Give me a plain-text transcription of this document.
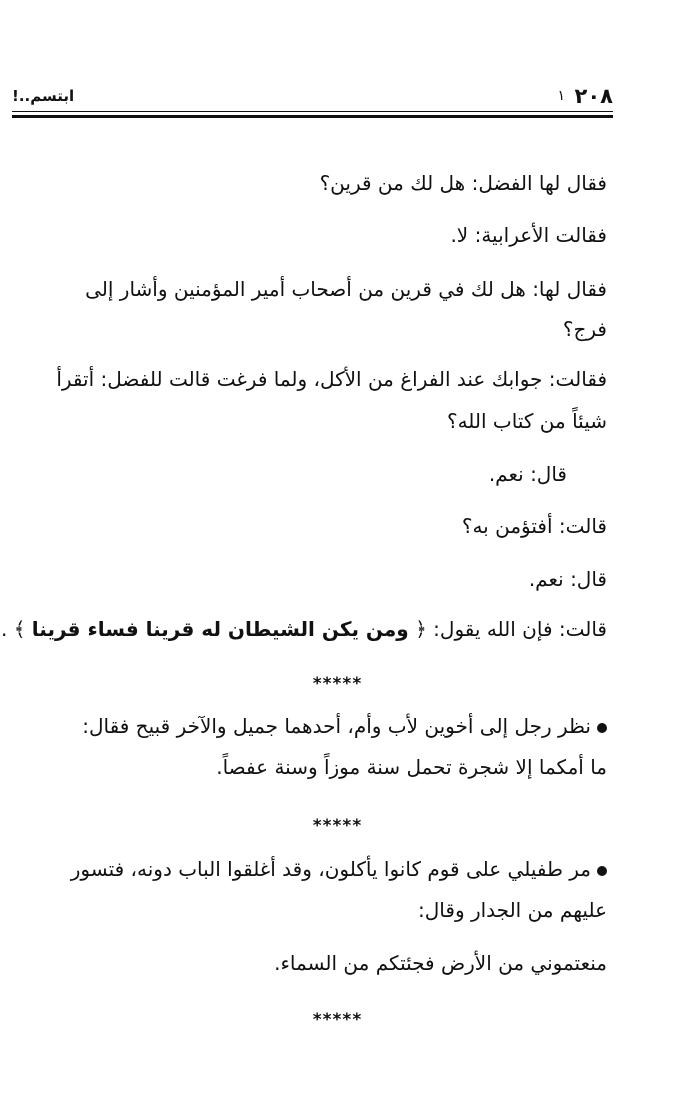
٢٠٨
١
ابتسم..!
فقال لها الفضل: هل لك من قرين؟
فقالت الأعرابية: لا.
فقال لها: هل لك في قرين من أصحاب أمير المؤمنين وأشار إلى
فرج؟
فقالت: جوابك عند الفراغ من الأكل، ولما فرغت قالت للفضل: أتقرأ
شيئاً من كتاب الله؟
قال: نعم.
قالت: أفتؤمن به؟
قال: نعم.
قالت: فإن الله يقول: ﴿ ومن يكن الشيطان له قرينا فساء قرينا ﴾ .
*****
نظر رجل إلى أخوين لأب وأم، أحدهما جميل والآخر قبيح فقال:
ما أمكما إلا شجرة تحمل سنة موزاً وسنة عفصاً.
*****
مر طفيلي على قوم كانوا يأكلون، وقد أغلقوا الباب دونه، فتسور
عليهم من الجدار وقال:
منعتموني من الأرض فجئتكم من السماء.
*****
